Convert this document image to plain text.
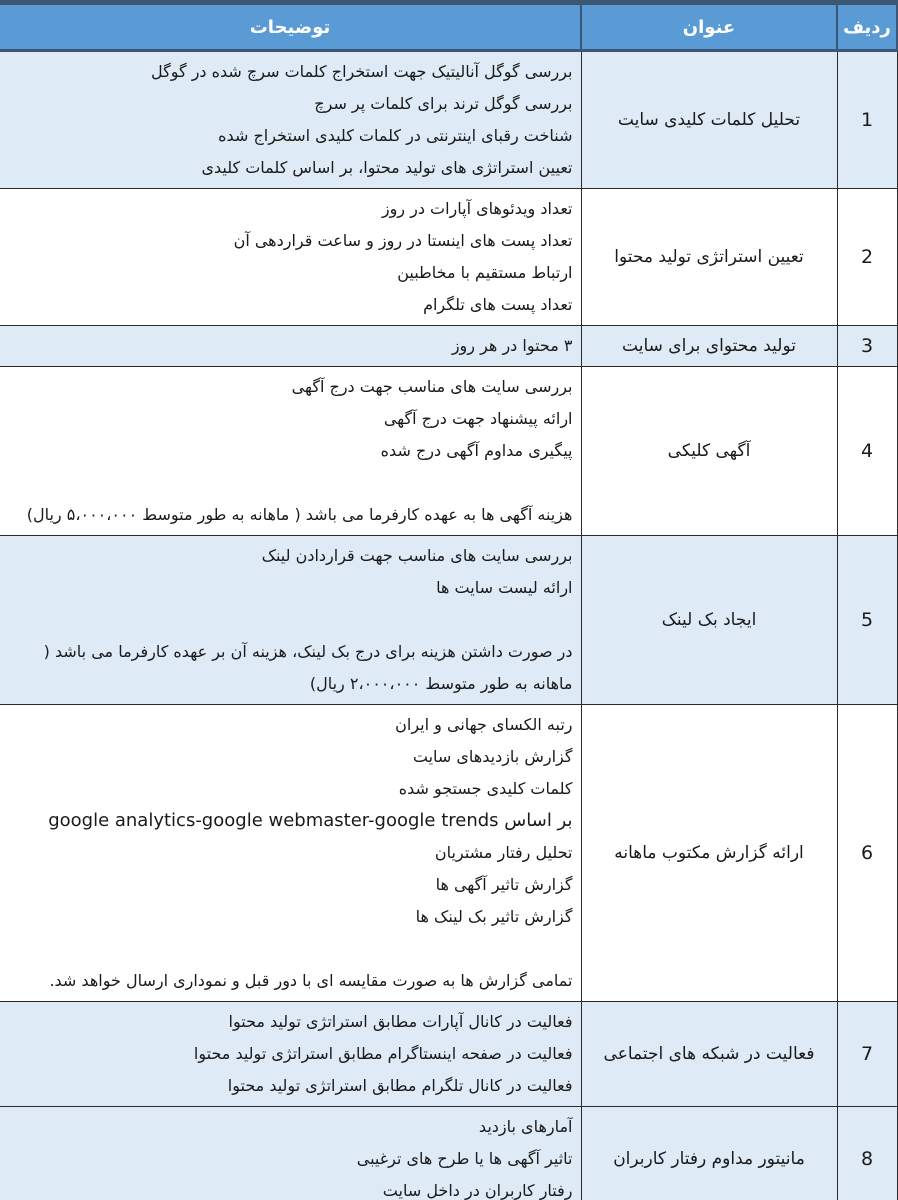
ردیف	عنوان	توضیحات
1	تحلیل کلمات کلیدی سایت	بررسی گوگل آنالیتیک جهت استخراج کلمات سرچ شده در گوگل
بررسی گوگل ترند برای کلمات پر سرچ
شناخت رقبای اینترنتی در کلمات کلیدی استخراج شده
تعیین استراتژی های تولید محتوا، بر اساس کلمات کلیدی

2	تعیین استراتژی تولید محتوا	تعداد ویدئوهای آپارات در روز
تعداد پست های اینستا در روز و ساعت قراردهی آن
ارتباط مستقیم با مخاطبین
تعداد پست های تلگرام

3	تولید محتوای برای سایت	۳ محتوا در هر روز

4	آگهی کلیکی	بررسی سایت های مناسب جهت درج آگهی
ارائه پیشنهاد جهت درج آگهی
پیگیری مداوم آگهی درج شده

هزینه آگهی ها به عهده کارفرما می باشد ( ماهانه به طور متوسط ۵،۰۰۰،۰۰۰ ریال)

5	ایجاد بک لینک	بررسی سایت های مناسب جهت قراردادن لینک
ارائه لیست سایت ها

در صورت داشتن هزینه برای درج بک لینک، هزینه آن بر عهده کارفرما می باشد ( ماهانه به طور متوسط ۲،۰۰۰،۰۰۰ ریال)

6	ارائه گزارش مکتوب ماهانه	
رتبه الکسای جهانی و ایران
گزارش بازدیدهای سایت
کلمات کلیدی جستجو شده
بر اساس google analytics-google webmaster-google trends
تحلیل رفتار مشتریان
گزارش تاثیر آگهی ها
گزارش تاثیر بک لینک ها

تمامی گزارش ها به صورت مقایسه ای با دور قبل و نموداری ارسال خواهد شد.

7	فعالیت در شبکه های اجتماعی	فعالیت در کانال آپارات مطابق استراتژی تولید محتوا
فعالیت در صفحه اینستاگرام مطابق استراتژی تولید محتوا
فعالیت در کانال تلگرام مطابق استراتژی تولید محتوا

8	مانیتور مداوم رفتار کاربران	آمارهای بازدید
تاثیر آگهی ها یا طرح های ترغیبی
رفتار کاربران در داخل سایت
